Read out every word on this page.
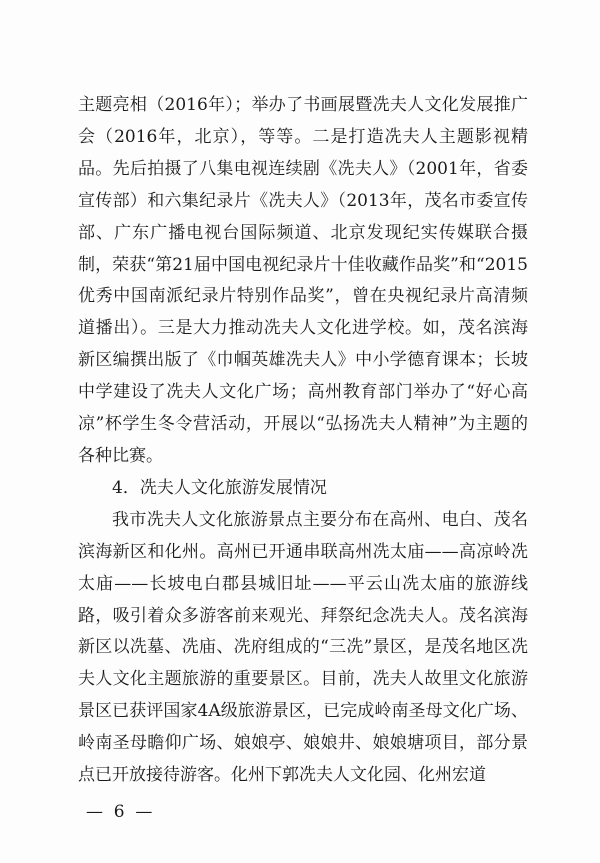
主题亮相（2016年）；举办了书画展暨冼夫人文化发展推广会（2016年，北京），等等。二是打造冼夫人主题影视精品。先后拍摄了八集电视连续剧《冼夫人》（2001年，省委宣传部）和六集纪录片《冼夫人》（2013年，茂名市委宣传部、广东广播电视台国际频道、北京发现纪实传媒联合摄制，荣获“第21届中国电视纪录片十佳收藏作品奖”和“2015 优秀中国南派纪录片特别作品奖”，曾在央视纪录片高清频道播出）。三是大力推动冼夫人文化进学校。如，茂名滨海新区编撰出版了《巾帼英雄冼夫人》中小学德育课本；长坡中学建设了冼夫人文化广场；高州教育部门举办了“好心高凉”杯学生冬令营活动，开展以“弘扬冼夫人精神”为主题的各种比赛。

4．冼夫人文化旅游发展情况

我市冼夫人文化旅游景点主要分布在高州、电白、茂名滨海新区和化州。高州已开通串联高州冼太庙——高凉岭冼太庙——长坡电白郡县城旧址——平云山冼太庙的旅游线路，吸引着众多游客前来观光、拜祭纪念冼夫人。茂名滨海新区以冼墓、冼庙、冼府组成的“三冼”景区，是茂名地区冼夫人文化主题旅游的重要景区。目前，冼夫人故里文化旅游景区已获评国家4A级旅游景区，已完成岭南圣母文化广场、岭南圣母瞻仰广场、娘娘亭、娘娘井、娘娘塘项目，部分景点已开放接待游客。化州下郭冼夫人文化园、化州宏道

—  6  —
